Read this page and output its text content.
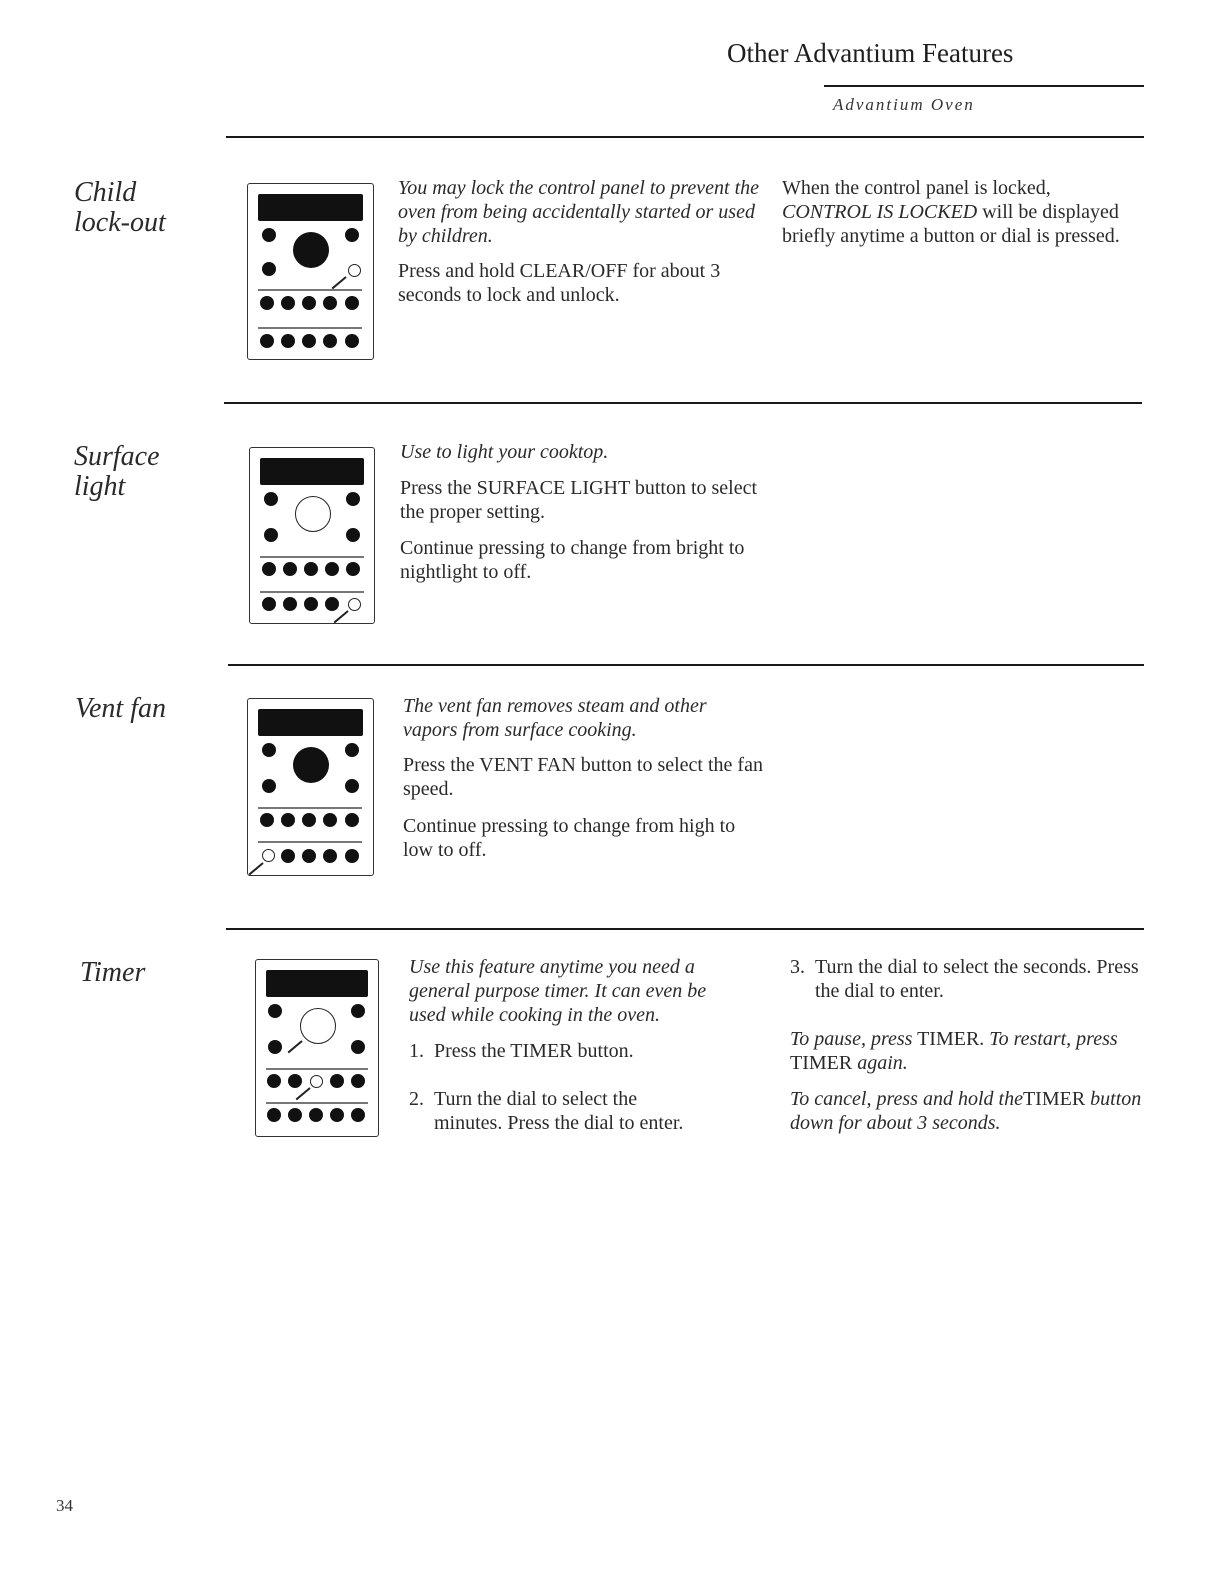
Other Advantium Features
Advantium Oven
Child
lock-out

You may lock the control panel to prevent the oven from being accidentally started or used by children.

Press and hold CLEAR/OFF for about 3 seconds to lock and unlock.

When the control panel is locked, CONTROL IS LOCKED will be displayed briefly anytime a button or dial is pressed.

Surface
light

Use to light your cooktop.

Press the SURFACE LIGHT button to select the proper setting.

Continue pressing to change from bright to nightlight to off.

Vent fan	The vent fan removes steam and other vapors from surface cooking.

Press the VENT FAN button to select the fan speed.

Continue pressing to change from high to low to off.

Timer	Use this feature anytime you need a general purpose timer. It can even be used while cooking in the oven.

1. Press the TIMER button.

2. Turn the dial to select the minutes. Press the dial to enter.

3. Turn the dial to select the seconds. Press the dial to enter.

To pause, press TIMER. To restart, press TIMER again.

To cancel, press and hold theTIMER button down for about 3 seconds.

34
